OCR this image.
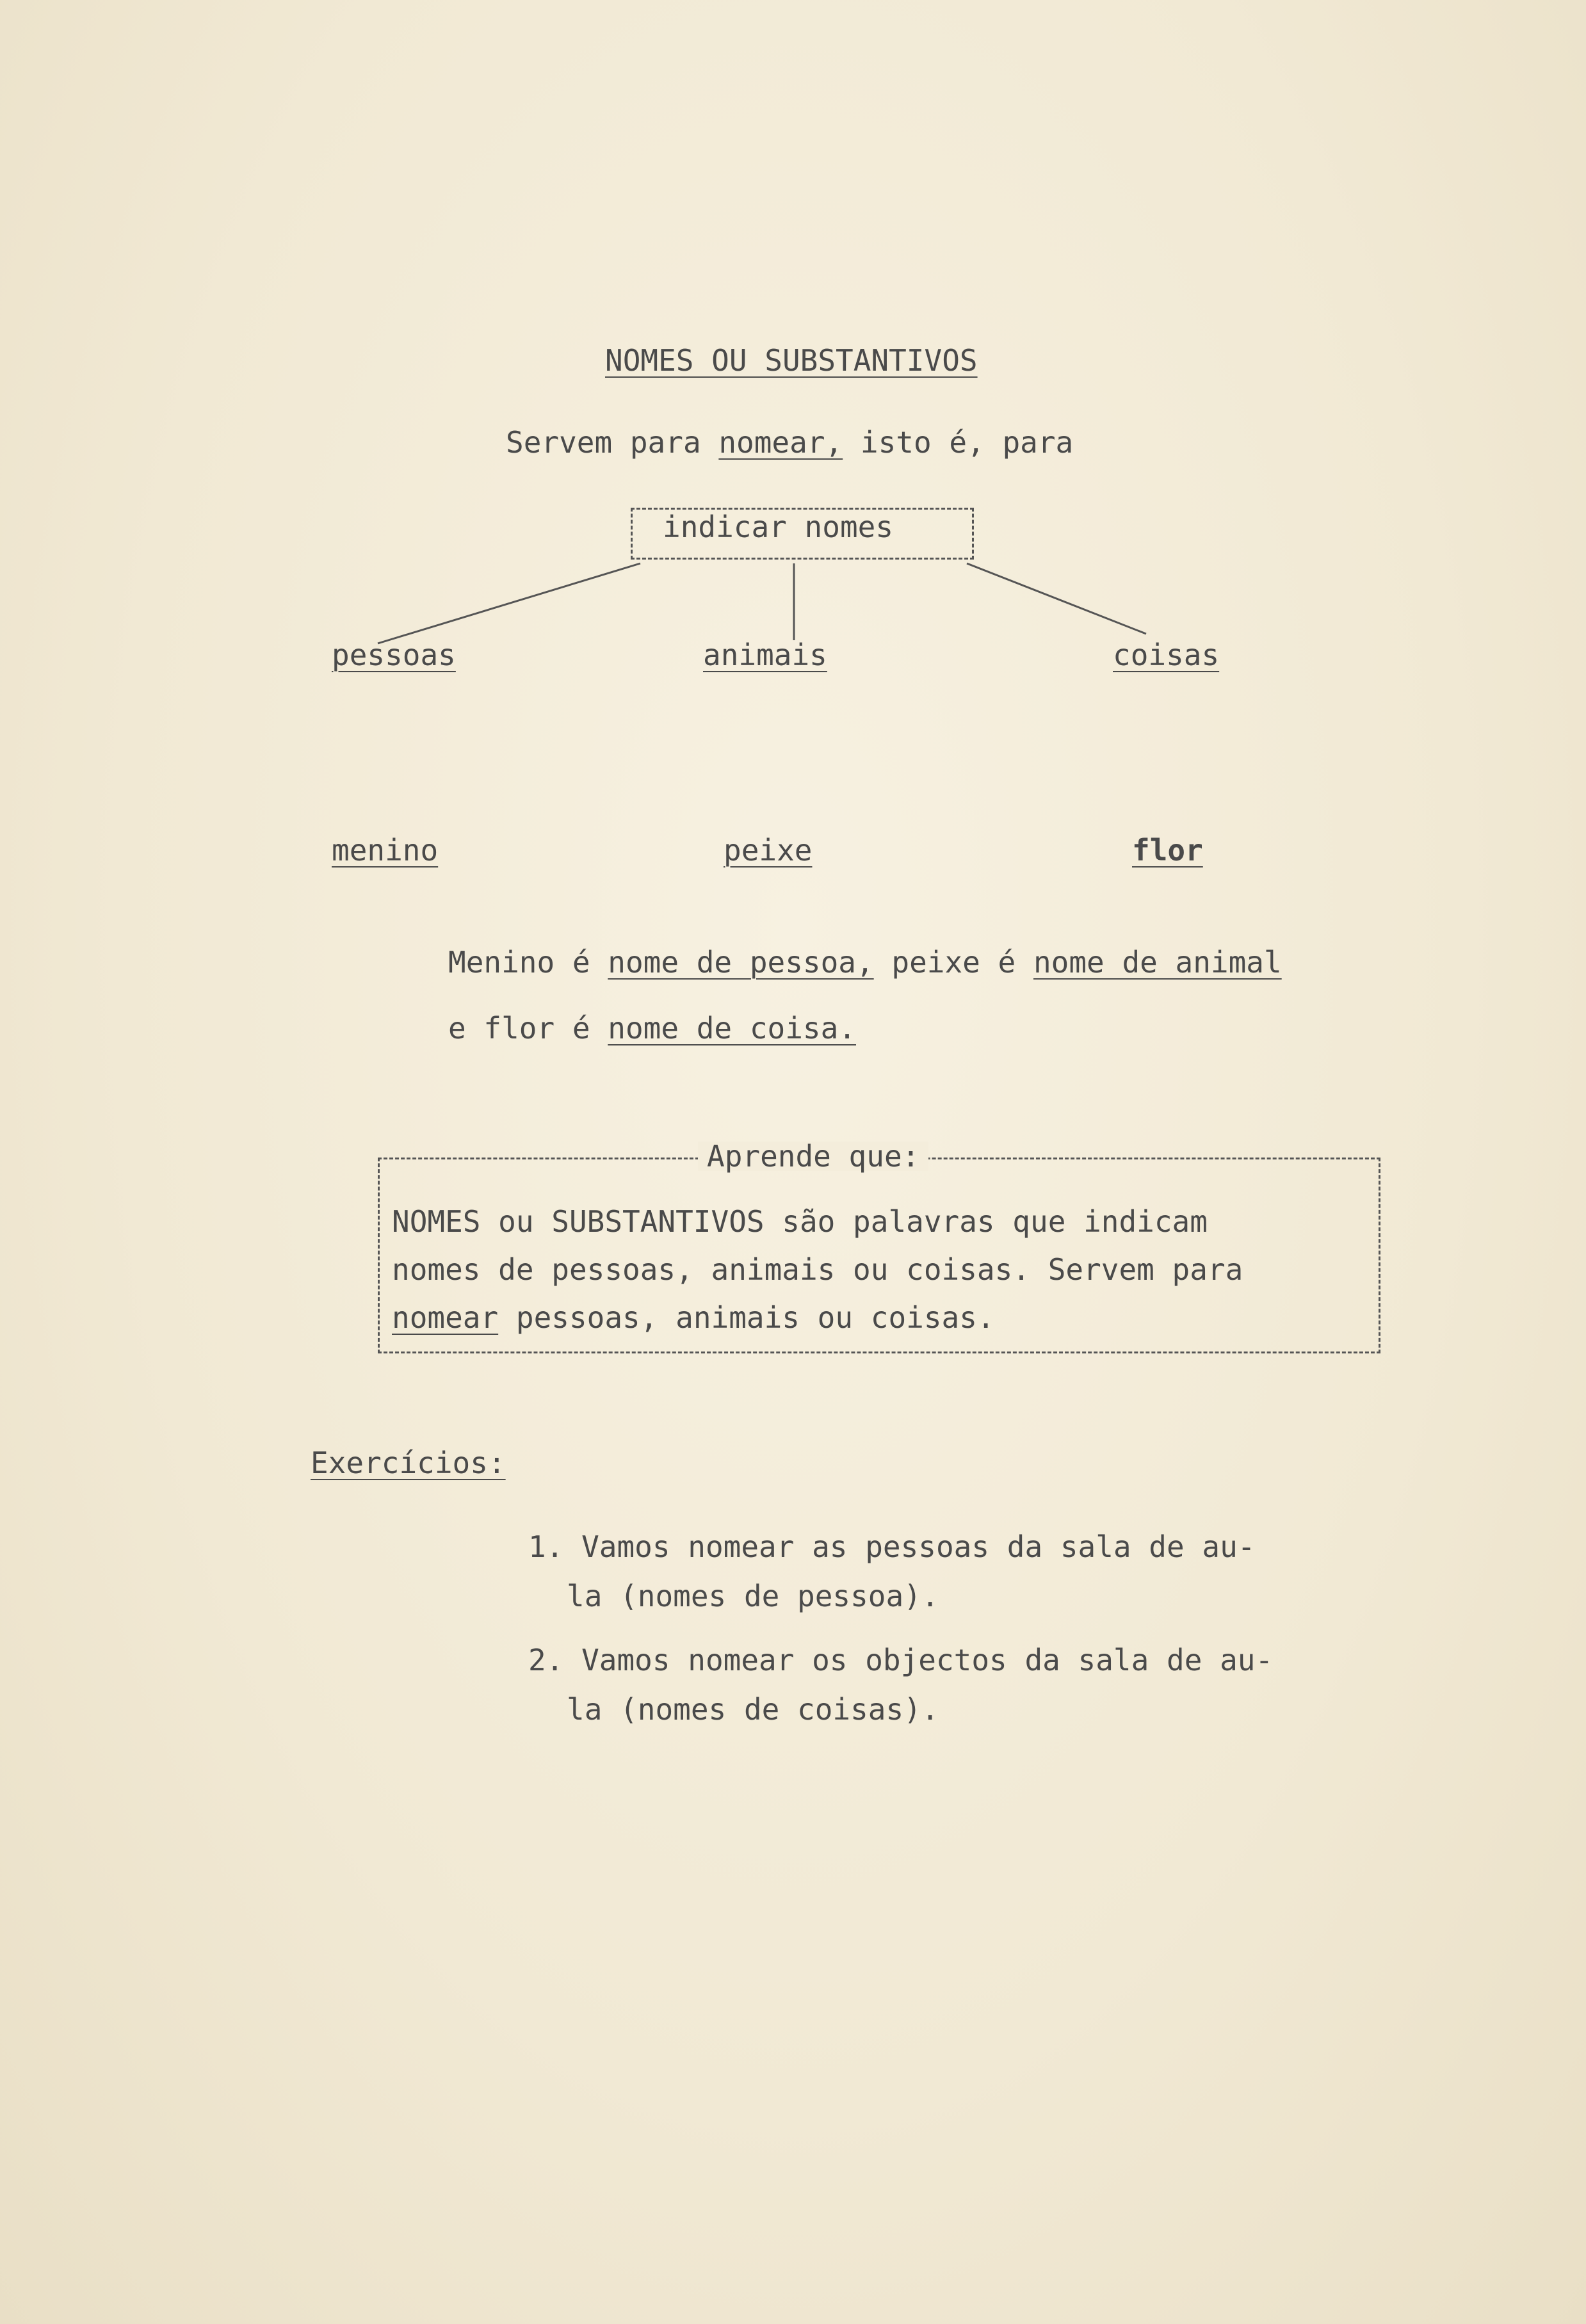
NOMES OU SUBSTANTIVOS
Servem para nomear, isto é, para
indicar nomes
pessoas	animais	coisas
menino	peixe	flor
Menino é nome de pessoa, peixe é nome de animal
e flor é nome de coisa.
Aprende que:
NOMES ou SUBSTANTIVOS são palavras que indicam
nomes de pessoas, animais ou coisas. Servem para
nomear pessoas, animais ou coisas.
Exercícios:
1. Vamos nomear as pessoas da sala de au-
la (nomes de pessoa).
2. Vamos nomear os objectos da sala de au-
la (nomes de coisas).
